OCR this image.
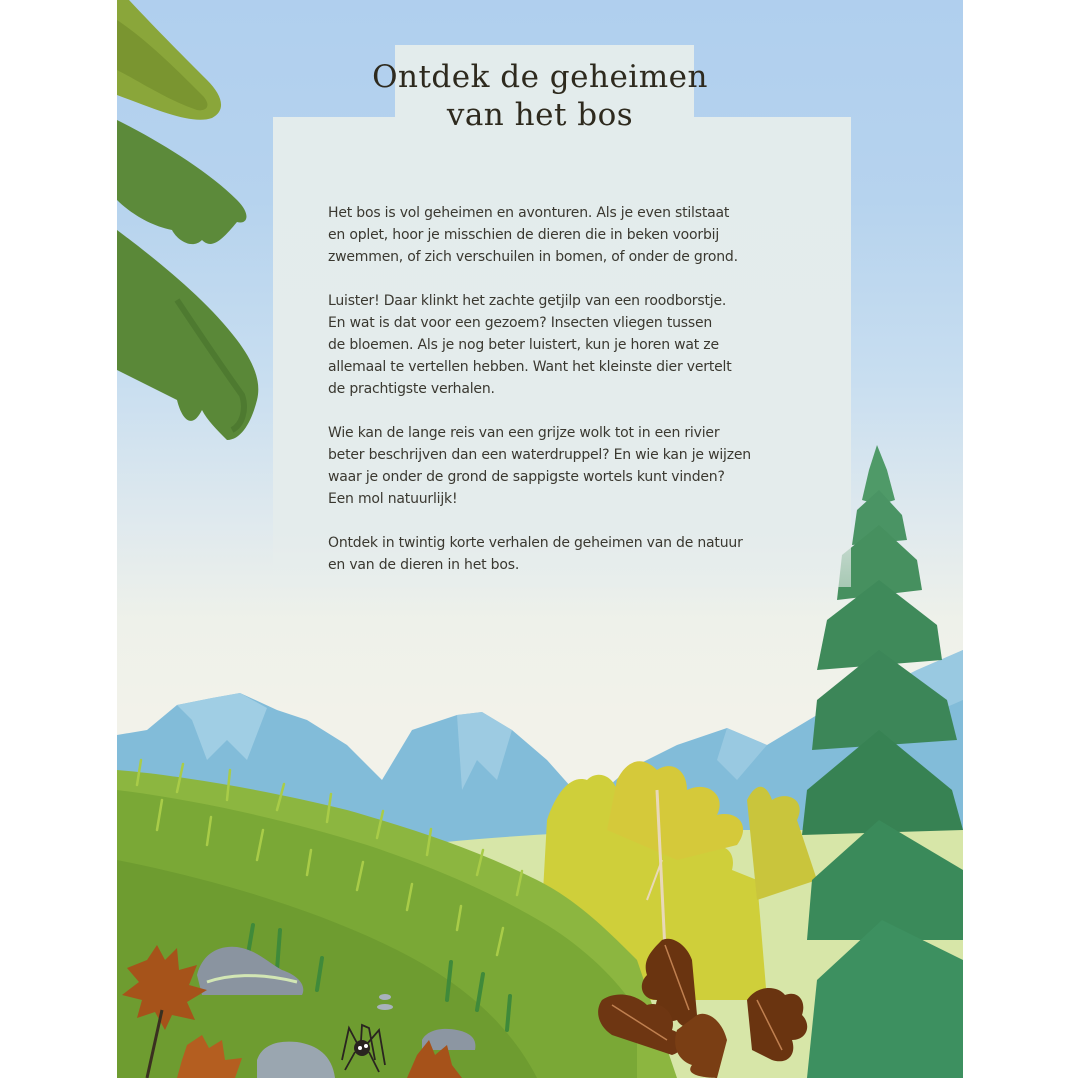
Ontdek de geheimen
van het bos

Het bos is vol geheimen en avonturen. Als je even stilstaat
en oplet, hoor je misschien de dieren die in beken voorbij
zwemmen, of zich verschuilen in bomen, of onder de grond.

Luister! Daar klinkt het zachte getjilp van een roodborstje.
En wat is dat voor een gezoem? Insecten vliegen tussen
de bloemen. Als je nog beter luistert, kun je horen wat ze
allemaal te vertellen hebben. Want het kleinste dier vertelt
de prachtigste verhalen.

Wie kan de lange reis van een grijze wolk tot in een rivier
beter beschrijven dan een waterdruppel? En wie kan je wijzen
waar je onder de grond de sappigste wortels kunt vinden?
Een mol natuurlijk!

Ontdek in twintig korte verhalen de geheimen van de natuur
en van de dieren in het bos.
